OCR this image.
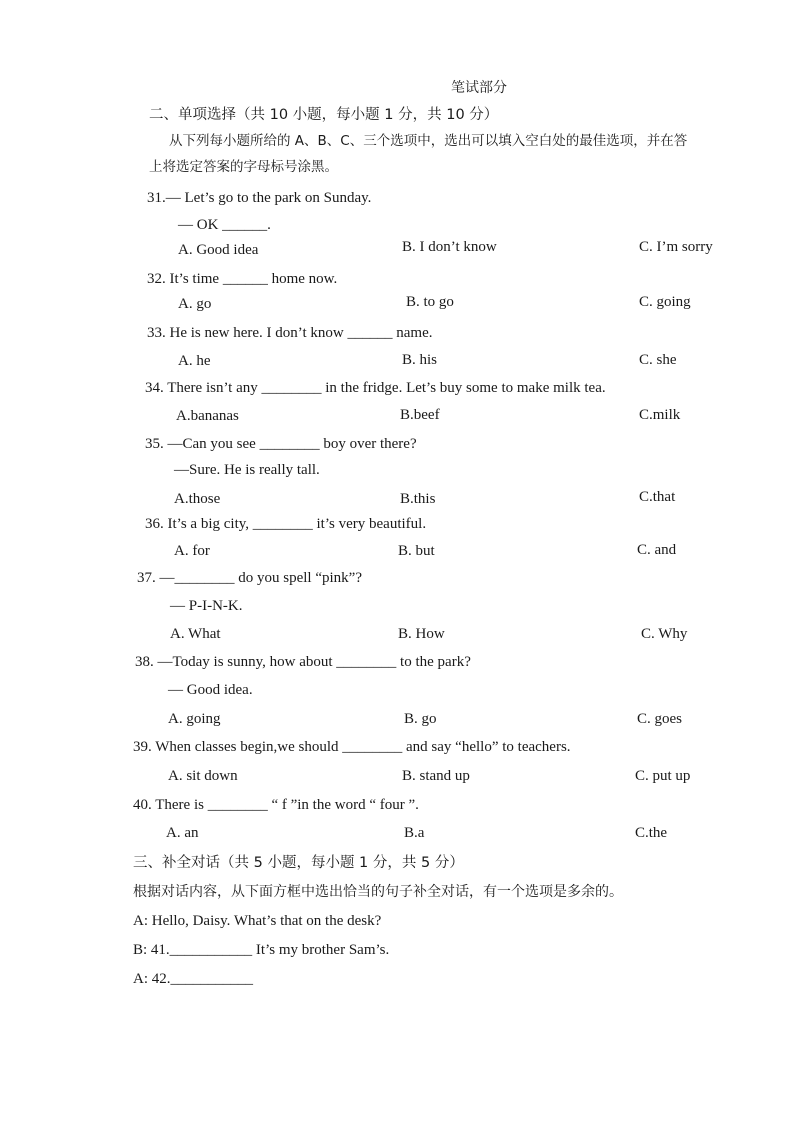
笔试部分
二、单项选择（共 10 小题，每小题 1 分，共 10 分）
从下列每小题所给的 A、B、C、三个选项中，选出可以填入空白处的最佳选项，并在答
上将选定答案的字母标号涂黑。
31.— Let’s go to the park on Sunday.
— OK ______.
A. Good idea	B. I don’t know	C. I’m sorry
32. It’s time ______ home now.
A. go	B. to go	C. going
33. He is new here. I don’t know ______ name.
A. he	B. his	C. she
34. There isn’t any ________ in the fridge. Let’s buy some to make milk tea.
A.bananas	B.beef	C.milk
35. —Can you see ________ boy over there?
—Sure. He is really tall.
A.those	B.this	C.that
36. It’s a big city, ________ it’s very beautiful.
A. for	B. but	C. and
37. —________ do you spell “pink”?
— P-I-N-K.
A. What	B. How	C. Why
38. —Today is sunny, how about ________ to the park?
— Good idea.
A. going	B. go	C. goes
39. When classes begin,we should ________ and say “hello” to teachers.
A. sit down	B. stand up	C. put up
40. There is ________ “ f ”in the word “ four ”.
A. an	B.a	C.the
三、补全对话（共 5 小题，每小题 1 分，共 5 分）
根据对话内容，从下面方框中选出恰当的句子补全对话，有一个选项是多余的。
A: Hello, Daisy. What’s that on the desk?
B: 41.___________ It’s my brother Sam’s.
A: 42.___________
